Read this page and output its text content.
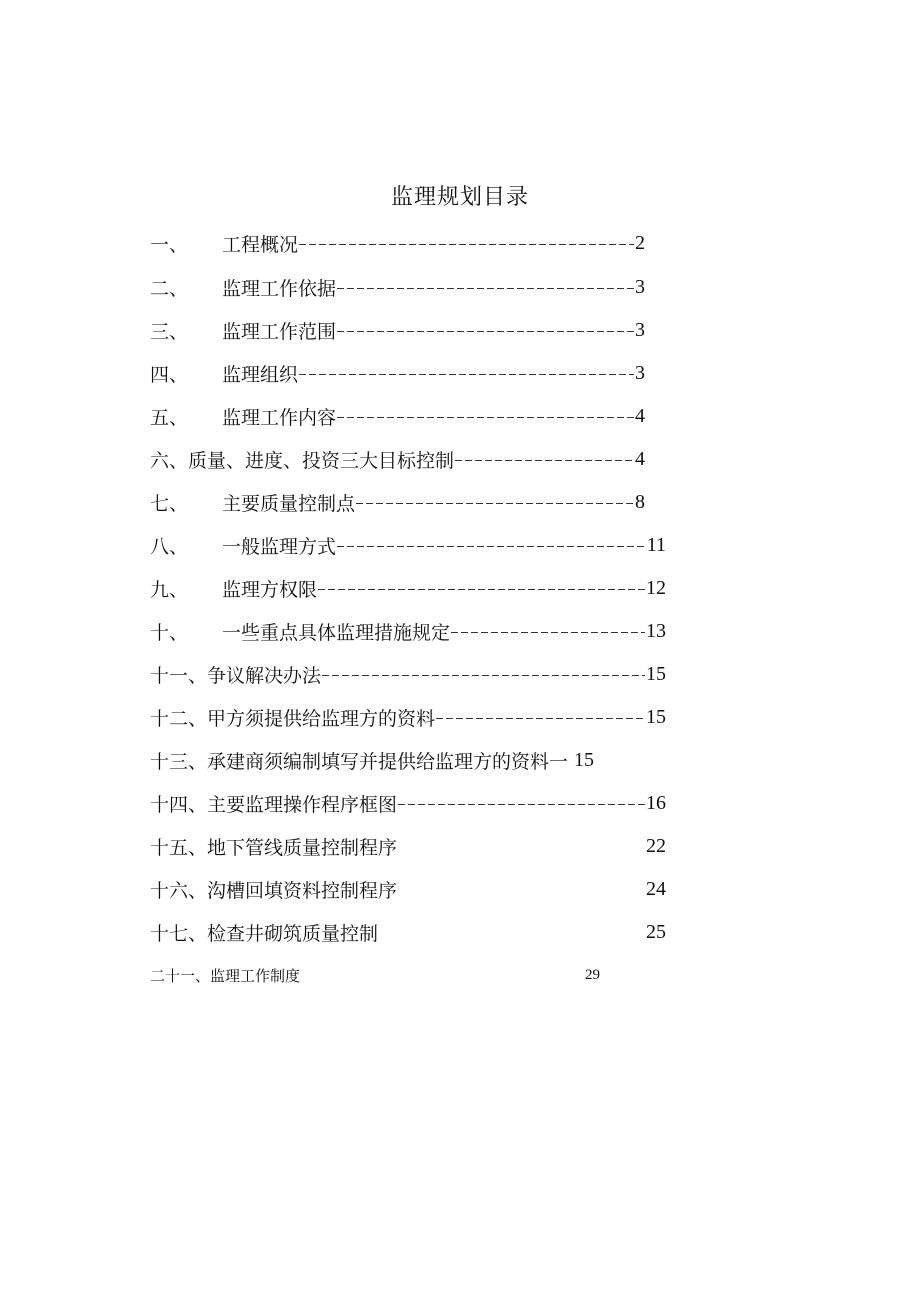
监理规划目录
一、	工程概况	2
二、	监理工作依据	3
三、	监理工作范围	3
四、	监理组织	3
五、	监理工作内容	4
六、 质量、进度、投资三大目标控制	4
七、	主要质量控制点	8
八、	一般监理方式	11
九、	监理方权限	12
十、	一些重点具体监理措施规定	13
十一、 争议解决办法	15
十二、 甲方须提供给监理方的资料	15
十三、 承建商须编制填写并提供给监理方的资料一 15
十四、 主要监理操作程序框图	16
十五、 地下管线质量控制程序	22
十六、 沟槽回填资料控制程序	24
十七、 检查井砌筑质量控制	25
二十一、 监理工作制度	29
